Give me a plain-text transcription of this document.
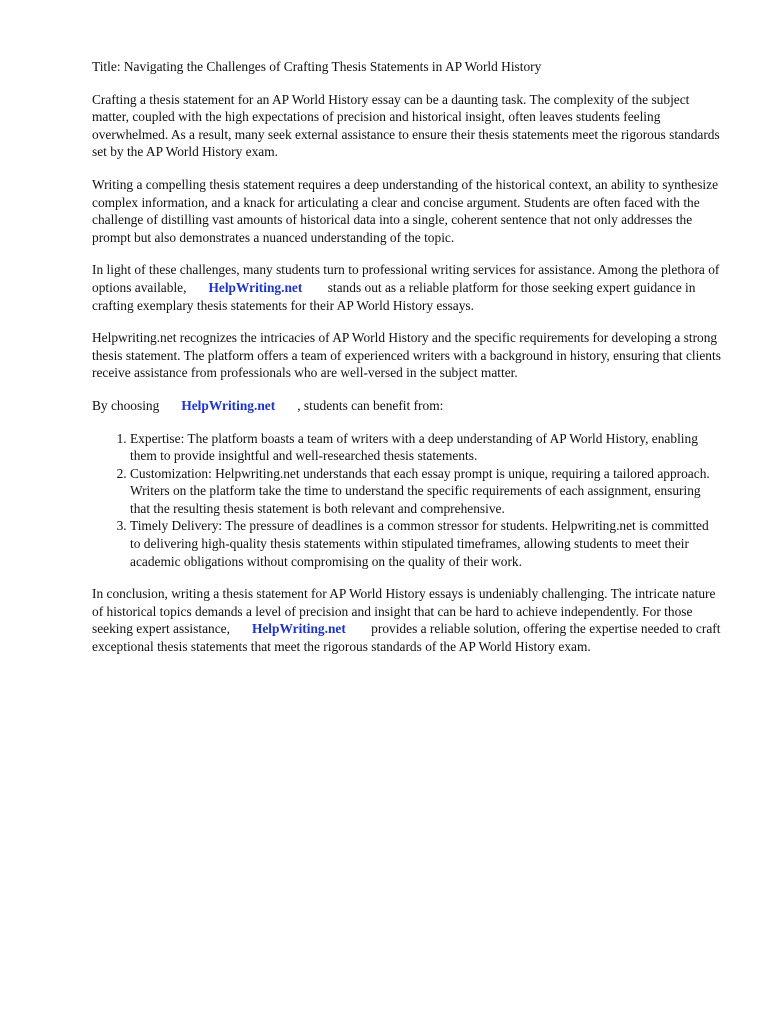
Title: Navigating the Challenges of Crafting Thesis Statements in AP World History

Crafting a thesis statement for an AP World History essay can be a daunting task. The complexity of the subject matter, coupled with the high expectations of precision and historical insight, often leaves students feeling overwhelmed. As a result, many seek external assistance to ensure their thesis statements meet the rigorous standards set by the AP World History exam.

Writing a compelling thesis statement requires a deep understanding of the historical context, an ability to synthesize complex information, and a knack for articulating a clear and concise argument. Students are often faced with the challenge of distilling vast amounts of historical data into a single, coherent sentence that not only addresses the prompt but also demonstrates a nuanced understanding of the topic.

In light of these challenges, many students turn to professional writing services for assistance. Among the plethora of options available, HelpWriting.net stands out as a reliable platform for those seeking expert guidance in crafting exemplary thesis statements for their AP World History essays.

Helpwriting.net recognizes the intricacies of AP World History and the specific requirements for developing a strong thesis statement. The platform offers a team of experienced writers with a background in history, ensuring that clients receive assistance from professionals who are well-versed in the subject matter.

By choosing HelpWriting.net , students can benefit from:

1. Expertise: The platform boasts a team of writers with a deep understanding of AP World History, enabling them to provide insightful and well-researched thesis statements.
2. Customization: Helpwriting.net understands that each essay prompt is unique, requiring a tailored approach. Writers on the platform take the time to understand the specific requirements of each assignment, ensuring that the resulting thesis statement is both relevant and comprehensive.
3. Timely Delivery: The pressure of deadlines is a common stressor for students. Helpwriting.net is committed to delivering high-quality thesis statements within stipulated timeframes, allowing students to meet their academic obligations without compromising on the quality of their work.

In conclusion, writing a thesis statement for AP World History essays is undeniably challenging. The intricate nature of historical topics demands a level of precision and insight that can be hard to achieve independently. For those seeking expert assistance, HelpWriting.net provides a reliable solution, offering the expertise needed to craft exceptional thesis statements that meet the rigorous standards of the AP World History exam.
